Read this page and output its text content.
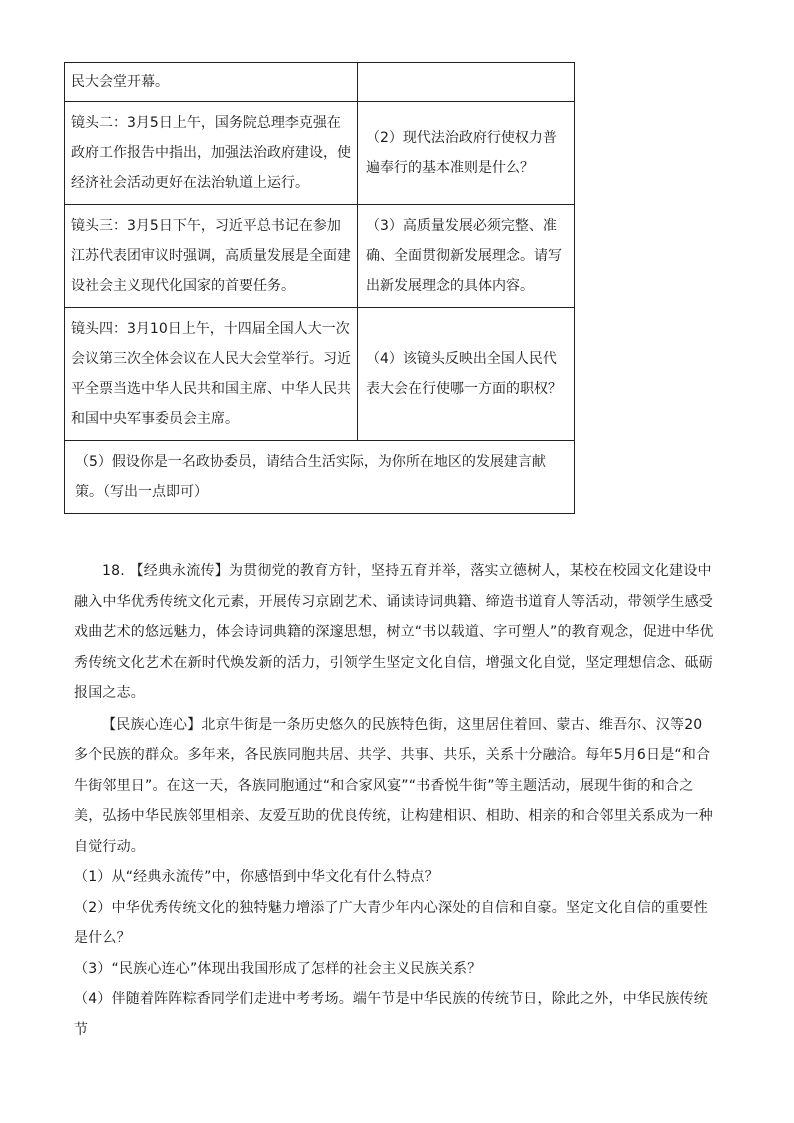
民大会堂开幕。	
镜头二：3月5日上午，国务院总理李克强在政府工作报告中指出，加强法治政府建设，使经济社会活动更好在法治轨道上运行。	（2）现代法治政府行使权力普遍奉行的基本准则是什么？
镜头三：3月5日下午，习近平总书记在参加江苏代表团审议时强调，高质量发展是全面建设社会主义现代化国家的首要任务。	（3）高质量发展必须完整、准确、全面贯彻新发展理念。请写出新发展理念的具体内容。
镜头四：3月10日上午，十四届全国人大一次会议第三次全体会议在人民大会堂举行。习近平全票当选中华人民共和国主席、中华人民共和国中央军事委员会主席。	（4）该镜头反映出全国人民代表大会在行使哪一方面的职权？
（5）假设你是一名政协委员，请结合生活实际，为你所在地区的发展建言献策。（写出一点即可）	

18. 【经典永流传】为贯彻党的教育方针，坚持五育并举，落实立德树人，某校在校园文化建设中融入中华优秀传统文化元素，开展传习京剧艺术、诵读诗词典籍、缔造书道育人等活动，带领学生感受戏曲艺术的悠远魅力，体会诗词典籍的深邃思想，树立“书以载道、字可塑人”的教育观念，促进中华优秀传统文化艺术在新时代焕发新的活力，引领学生坚定文化自信，增强文化自觉，坚定理想信念、砥砺报国之志。

【民族心连心】北京牛街是一条历史悠久的民族特色街，这里居住着回、蒙古、维吾尔、汉等20多个民族的群众。多年来，各民族同胞共居、共学、共事、共乐，关系十分融洽。每年5月6日是“和合牛街邻里日”。在这一天，各族同胞通过“和合家风宴”“书香悦牛街”等主题活动，展现牛街的和合之美，弘扬中华民族邻里相亲、友爱互助的优良传统，让构建相识、相助、相亲的和合邻里关系成为一种自觉行动。

（1）从“经典永流传”中，你感悟到中华文化有什么特点？

（2）中华优秀传统文化的独特魅力增添了广大青少年内心深处的自信和自豪。坚定文化自信的重要性是什么？

（3）“民族心连心”体现出我国形成了怎样的社会主义民族关系？

（4）伴随着阵阵粽香同学们走进中考考场。端午节是中华民族的传统节日，除此之外，中华民族传统节
